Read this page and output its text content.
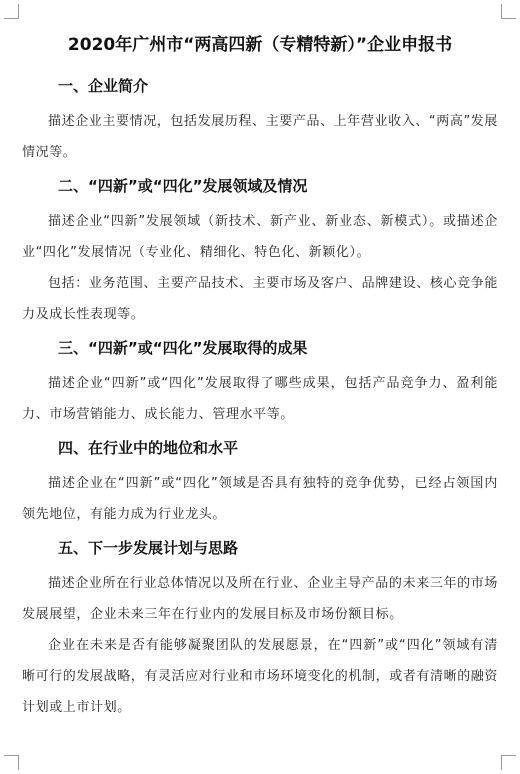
2020年广州市“两高四新（专精特新）”企业申报书
一、企业简介

描述企业主要情况，包括发展历程、主要产品、上年营业收入、“两高”发展情况等。

二、“四新”或“四化”发展领域及情况

描述企业“四新”发展领域（新技术、新产业、新业态、新模式）。或描述企业“四化”发展情况（专业化、精细化、特色化、新颖化）。

包括：业务范围、主要产品技术、主要市场及客户、品牌建设、核心竞争能力及成长性表现等。

三、“四新”或“四化”发展取得的成果

描述企业“四新”或“四化”发展取得了哪些成果，包括产品竞争力、盈利能力、市场营销能力、成长能力、管理水平等。

四、在行业中的地位和水平

描述企业在“四新”或“四化”领域是否具有独特的竞争优势，已经占领国内领先地位，有能力成为行业龙头。

五、下一步发展计划与思路

描述企业所在行业总体情况以及所在行业、企业主导产品的未来三年的市场发展展望，企业未来三年在行业内的发展目标及市场份额目标。

企业在未来是否有能够凝聚团队的发展愿景，在“四新”或“四化”领域有清晰可行的发展战略，有灵活应对行业和市场环境变化的机制，或者有清晰的融资计划或上市计划。
